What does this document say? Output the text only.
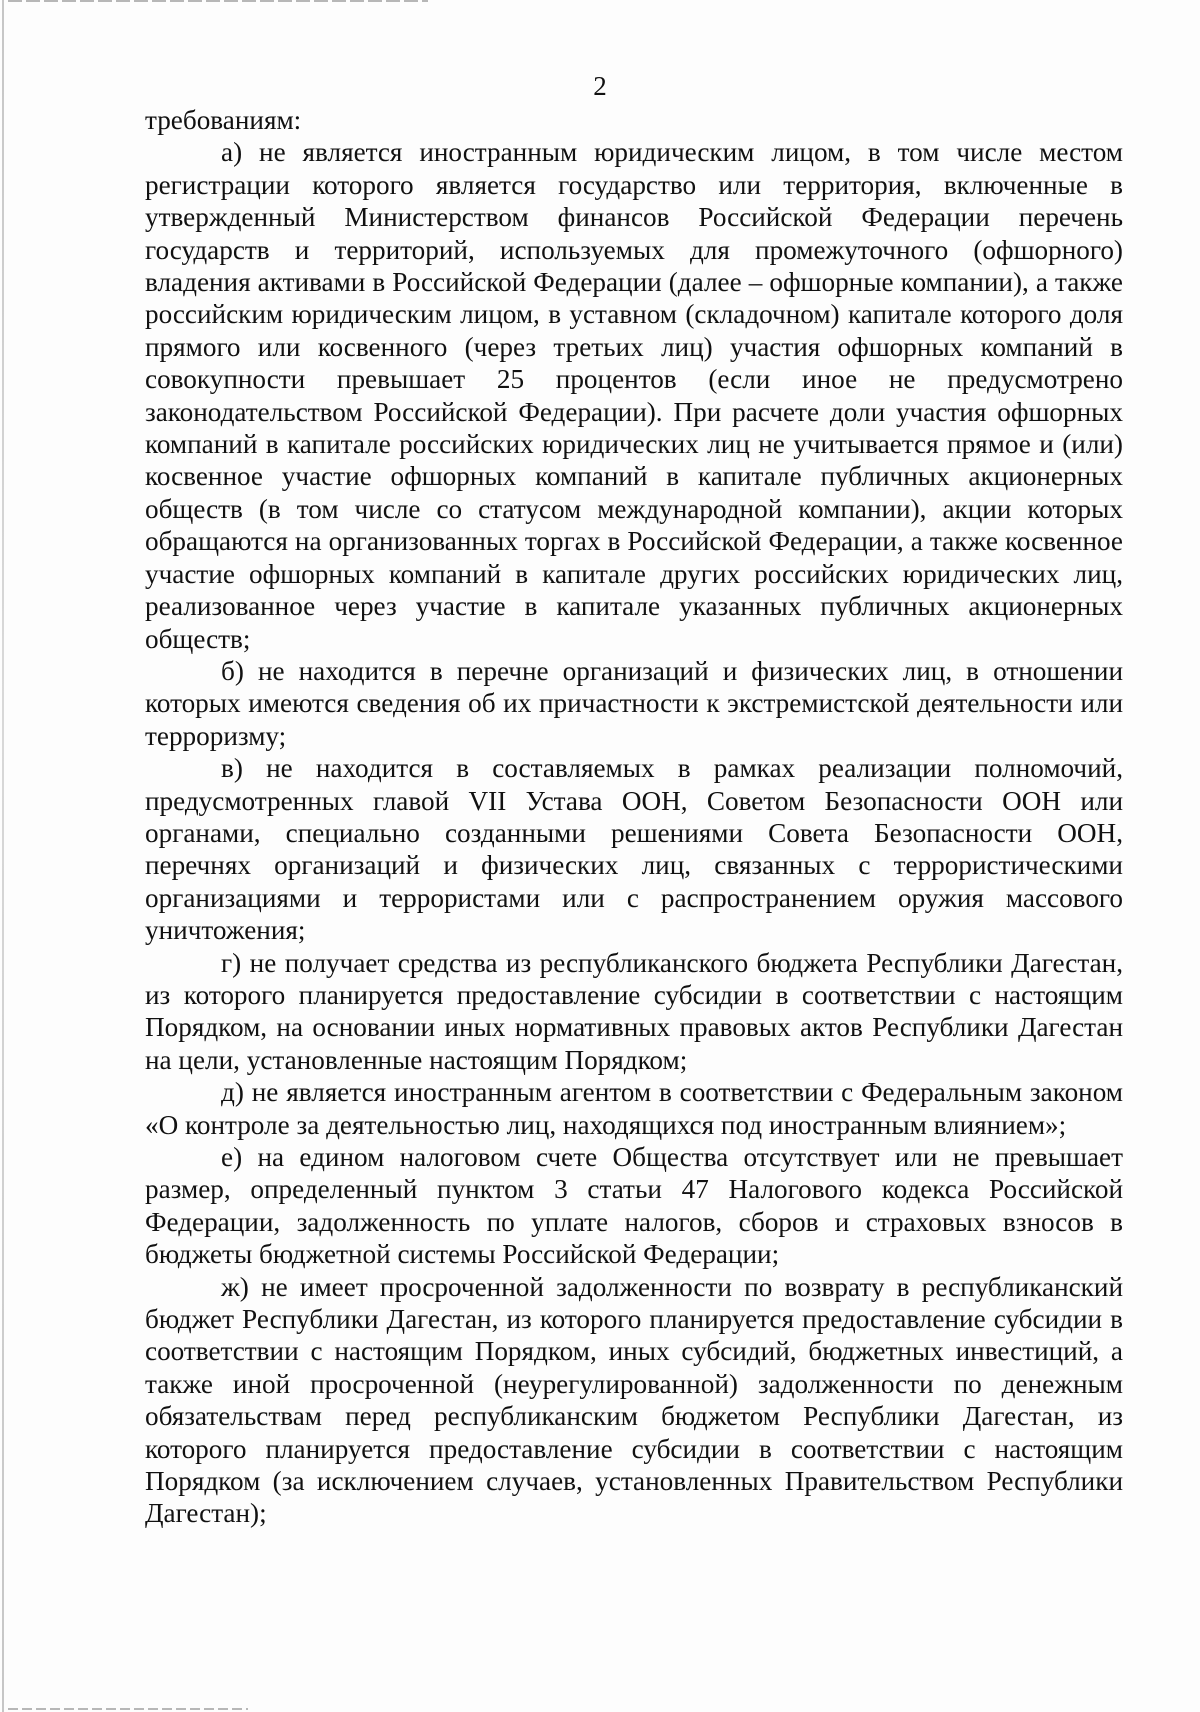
2

требованиям:

а) не является иностранным юридическим лицом, в том числе местом регистрации которого является государство или территория, включенные в утвержденный Министерством финансов Российской Федерации перечень государств и территорий, используемых для промежуточного (офшорного) владения активами в Российской Федерации (далее – офшорные компании), а также российским юридическим лицом, в уставном (складочном) капитале которого доля прямого или косвенного (через третьих лиц) участия офшорных компаний в совокупности превышает 25 процентов (если иное не предусмотрено законодательством Российской Федерации). При расчете доли участия офшорных компаний в капитале российских юридических лиц не учитывается прямое и (или) косвенное участие офшорных компаний в капитале публичных акционерных обществ (в том числе со статусом международной компании), акции которых обращаются на организованных торгах в Российской Федерации, а также косвенное участие офшорных компаний в капитале других российских юридических лиц, реализованное через участие в капитале указанных публичных акционерных обществ;

б) не находится в перечне организаций и физических лиц, в отношении которых имеются сведения об их причастности к экстремистской деятельности или терроризму;

в) не находится в составляемых в рамках реализации полномочий, предусмотренных главой VII Устава ООН, Советом Безопасности ООН или органами, специально созданными решениями Совета Безопасности ООН, перечнях организаций и физических лиц, связанных с террористическими организациями и террористами или с распространением оружия массового уничтожения;

г) не получает средства из республиканского бюджета Республики Дагестан, из которого планируется предоставление субсидии в соответствии с настоящим Порядком, на основании иных нормативных правовых актов Республики Дагестан на цели, установленные настоящим Порядком;

д) не является иностранным агентом в соответствии с Федеральным законом «О контроле за деятельностью лиц, находящихся под иностранным влиянием»;

е) на едином налоговом счете Общества отсутствует или не превышает размер, определенный пунктом 3 статьи 47 Налогового кодекса Российской Федерации, задолженность по уплате налогов, сборов и страховых взносов в бюджеты бюджетной системы Российской Федерации;

ж) не имеет просроченной задолженности по возврату в республиканский бюджет Республики Дагестан, из которого планируется предоставление субсидии в соответствии с настоящим Порядком, иных субсидий, бюджетных инвестиций, а также иной просроченной (неурегулированной) задолженности по денежным обязательствам перед республиканским бюджетом Республики Дагестан, из которого планируется предоставление субсидии в соответствии с настоящим Порядком (за исключением случаев, установленных Правительством Республики Дагестан);
